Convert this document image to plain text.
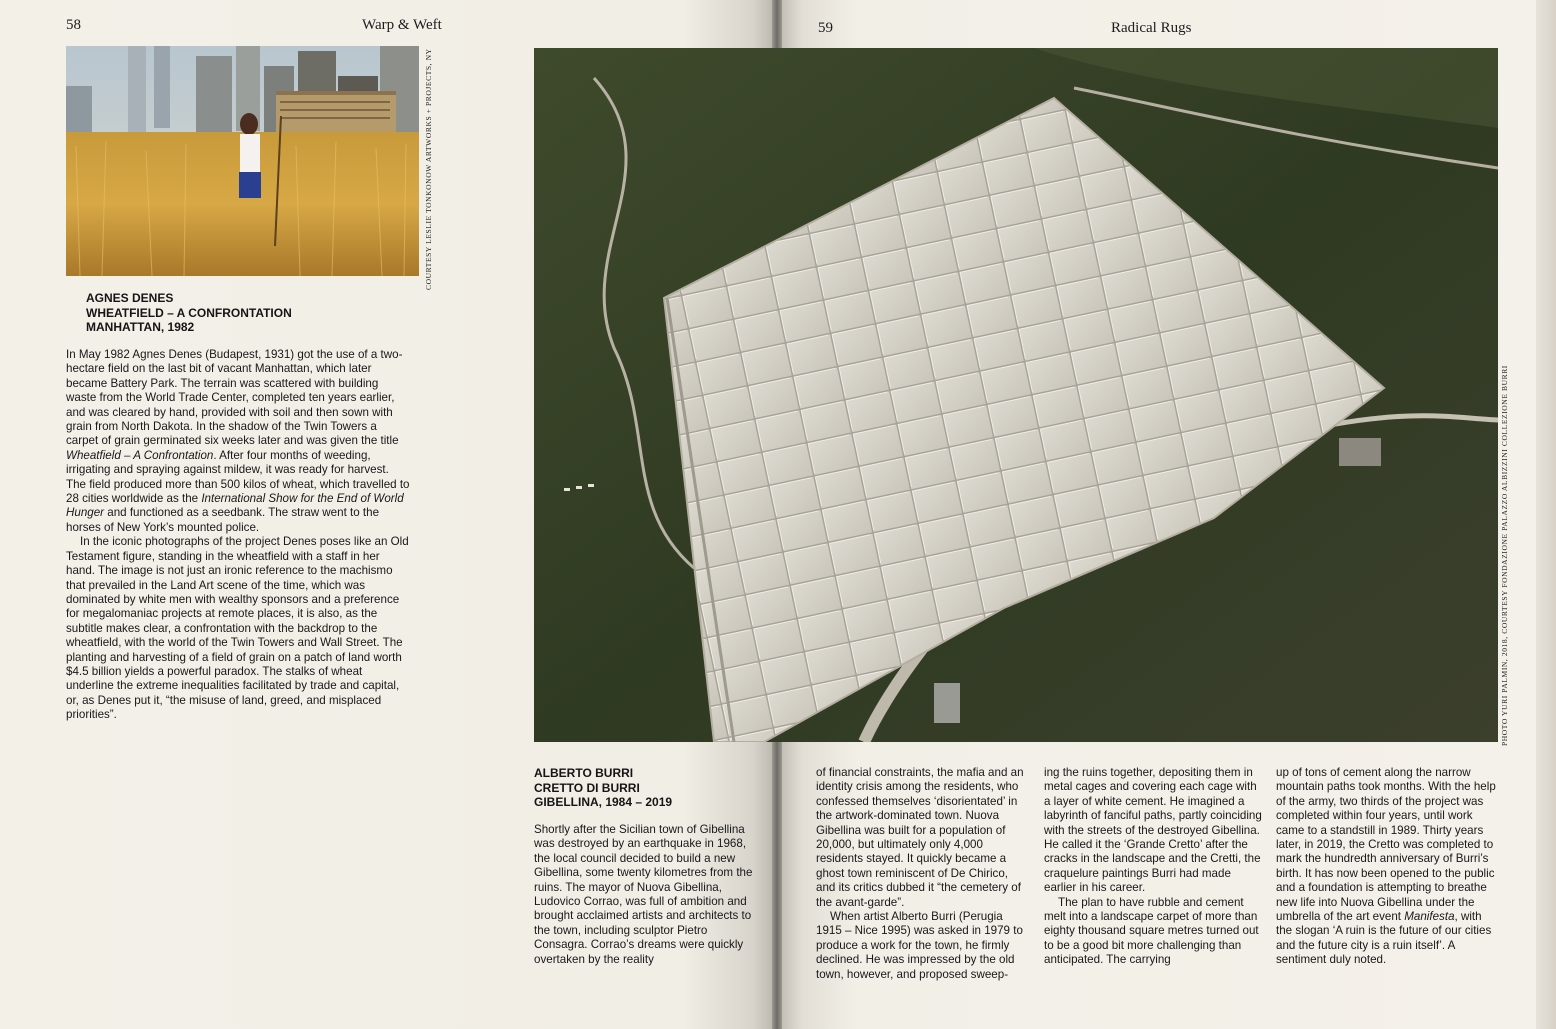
58	Warp & Weft
COURTESY LESLIE TONKONOW ARTWORKS + PROJECTS, NY
AGNES DENES
WHEATFIELD – A CONFRONTATION
MANHATTAN, 1982

In May 1982 Agnes Denes (Budapest, 1931) got the use of a two-hectare field on the last bit of vacant Manhattan, which later became Battery Park. The terrain was scattered with building waste from the World Trade Center, completed ten years earlier, and was cleared by hand, provided with soil and then sown with grain from North Dakota. In the shadow of the Twin Towers a carpet of grain germinated six weeks later and was given the title Wheatfield – A Confrontation. After four months of weeding, irrigating and spraying against mildew, it was ready for harvest. The field produced more than 500 kilos of wheat, which travelled to 28 cities worldwide as the International Show for the End of World Hunger and functioned as a seedbank. The straw went to the horses of New York’s mounted police.

In the iconic photographs of the project Denes poses like an Old Testament figure, standing in the wheatfield with a staff in her hand. The image is not just an ironic reference to the machismo that prevailed in the Land Art scene of the time, which was dominated by white men with wealthy sponsors and a preference for megalomaniac projects at remote places, it is also, as the subtitle makes clear, a confrontation with the backdrop to the wheatfield, with the world of the Twin Towers and Wall Street. The planting and harvesting of a field of grain on a patch of land worth $4.5 billion yields a powerful paradox. The stalks of wheat underline the extreme inequalities facilitated by trade and capital, or, as Denes put it, “the misuse of land, greed, and misplaced priorities”.

59	Radical Rugs
PHOTO YURI PALMIN, 2018, COURTESY FONDAZIONE PALAZZO ALBIZZINI COLLEZIONE BURRI
ALBERTO BURRI
CRETTO DI BURRI
GIBELLINA, 1984 – 2019

Shortly after the Sicilian town of Gibellina was destroyed by an earthquake in 1968, the local council decided to build a new Gibellina, some twenty kilometres from the ruins. The mayor of Nuova Gibellina, Ludovico Corrao, was full of ambition and brought acclaimed artists and architects to the town, including sculptor Pietro Consagra. Corrao’s dreams were quickly overtaken by the reality

of financial constraints, the mafia and an identity crisis among the residents, who confessed themselves ‘disorientated’ in the artwork-dominated town. Nuova Gibellina was built for a population of 20,000, but ultimately only 4,000 residents stayed. It quickly became a ghost town reminiscent of De Chirico, and its critics dubbed it “the cemetery of the avant-garde”.

When artist Alberto Burri (Perugia 1915 – Nice 1995) was asked in 1979 to produce a work for the town, he firmly declined. He was impressed by the old town, however, and proposed sweep-

ing the ruins together, depositing them in metal cages and covering each cage with a layer of white cement. He imagined a labyrinth of fanciful paths, partly coinciding with the streets of the destroyed Gibellina. He called it the ‘Grande Cretto’ after the cracks in the landscape and the Cretti, the craquelure paintings Burri had made earlier in his career.

The plan to have rubble and cement melt into a landscape carpet of more than eighty thousand square metres turned out to be a good bit more challenging than anticipated. The carrying

up of tons of cement along the narrow mountain paths took months. With the help of the army, two thirds of the project was completed within four years, until work came to a standstill in 1989. Thirty years later, in 2019, the Cretto was completed to mark the hundredth anniversary of Burri’s birth. It has now been opened to the public and a foundation is attempting to breathe new life into Nuova Gibellina under the umbrella of the art event Manifesta, with the slogan ‘A ruin is the future of our cities and the future city is a ruin itself’. A sentiment duly noted.
